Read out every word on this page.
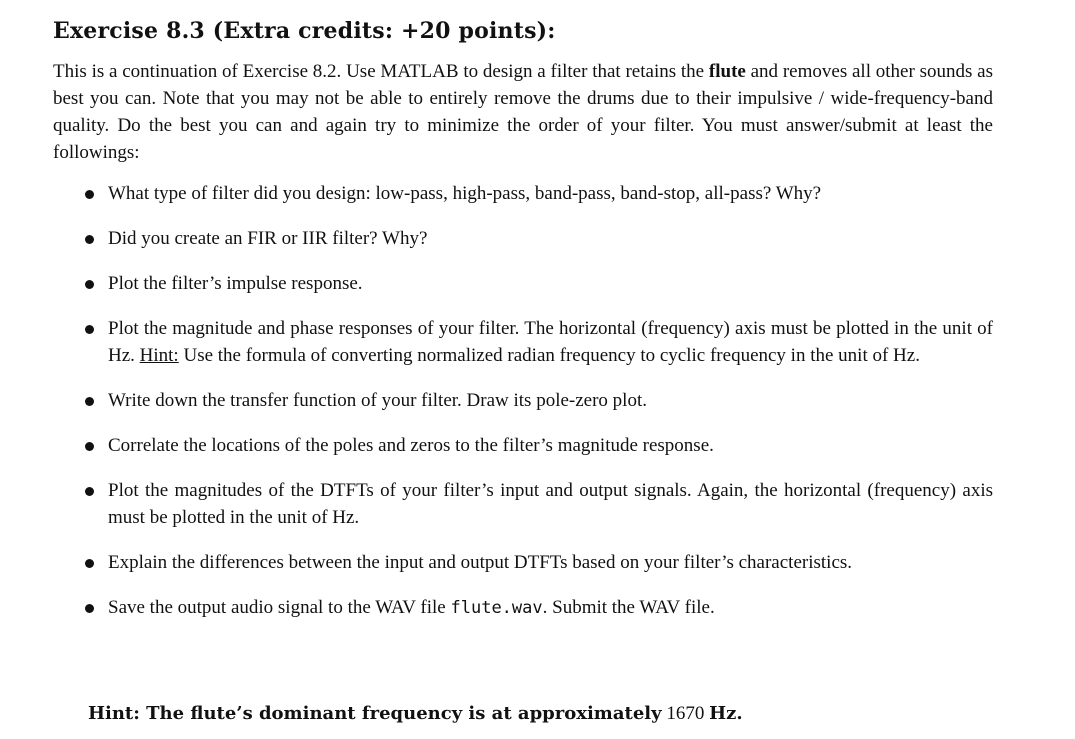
Exercise 8.3 (Extra credits: +20 points):

This is a continuation of Exercise 8.2. Use MATLAB to design a filter that retains the flute and removes all other sounds as best you can. Note that you may not be able to entirely remove the drums due to their impulsive / wide-frequency-band quality. Do the best you can and again try to minimize the order of your filter. You must answer/submit at least the followings:

What type of filter did you design: low-pass, high-pass, band-pass, band-stop, all-pass? Why?
Did you create an FIR or IIR filter? Why?
Plot the filter’s impulse response.
Plot the magnitude and phase responses of your filter. The horizontal (frequency) axis must be plotted in the unit of Hz. Hint: Use the formula of converting normalized radian frequency to cyclic frequency in the unit of Hz.
Write down the transfer function of your filter. Draw its pole-zero plot.
Correlate the locations of the poles and zeros to the filter’s magnitude response.
Plot the magnitudes of the DTFTs of your filter’s input and output signals. Again, the horizontal (frequency) axis must be plotted in the unit of Hz.
Explain the differences between the input and output DTFTs based on your filter’s characteristics.
Save the output audio signal to the WAV file flute.wav. Submit the WAV file.
Hint: The flute’s dominant frequency is at approximately 1670 Hz.
